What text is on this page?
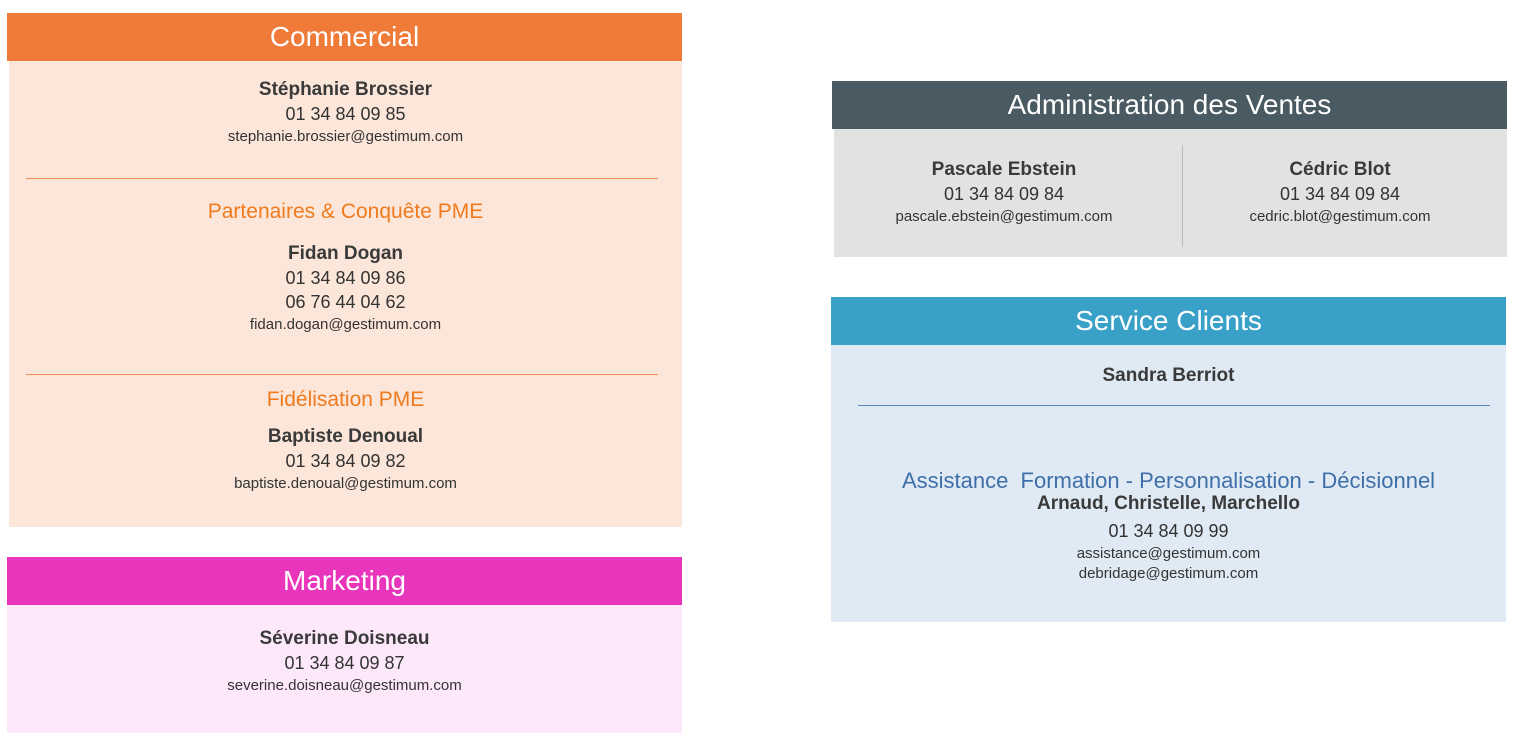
Commercial
Stéphanie Brossier
01 34 84 09 85
stephanie.brossier@gestimum.com
Partenaires & Conquête PME
Fidan Dogan
01 34 84 09 86
06 76 44 04 62
fidan.dogan@gestimum.com
Fidélisation PME
Baptiste Denoual
01 34 84 09 82
baptiste.denoual@gestimum.com
Marketing
Séverine Doisneau
01 34 84 09 87
severine.doisneau@gestimum.com
Administration des Ventes
Pascale Ebstein
01 34 84 09 84
pascale.ebstein@gestimum.com
Cédric Blot
01 34 84 09 84
cedric.blot@gestimum.com
Service Clients
Sandra Berriot

Assistance  Formation - Personnalisation - Décisionnel

Arnaud, Christelle, Marchello
01 34 84 09 99
assistance@gestimum.com
debridage@gestimum.com
